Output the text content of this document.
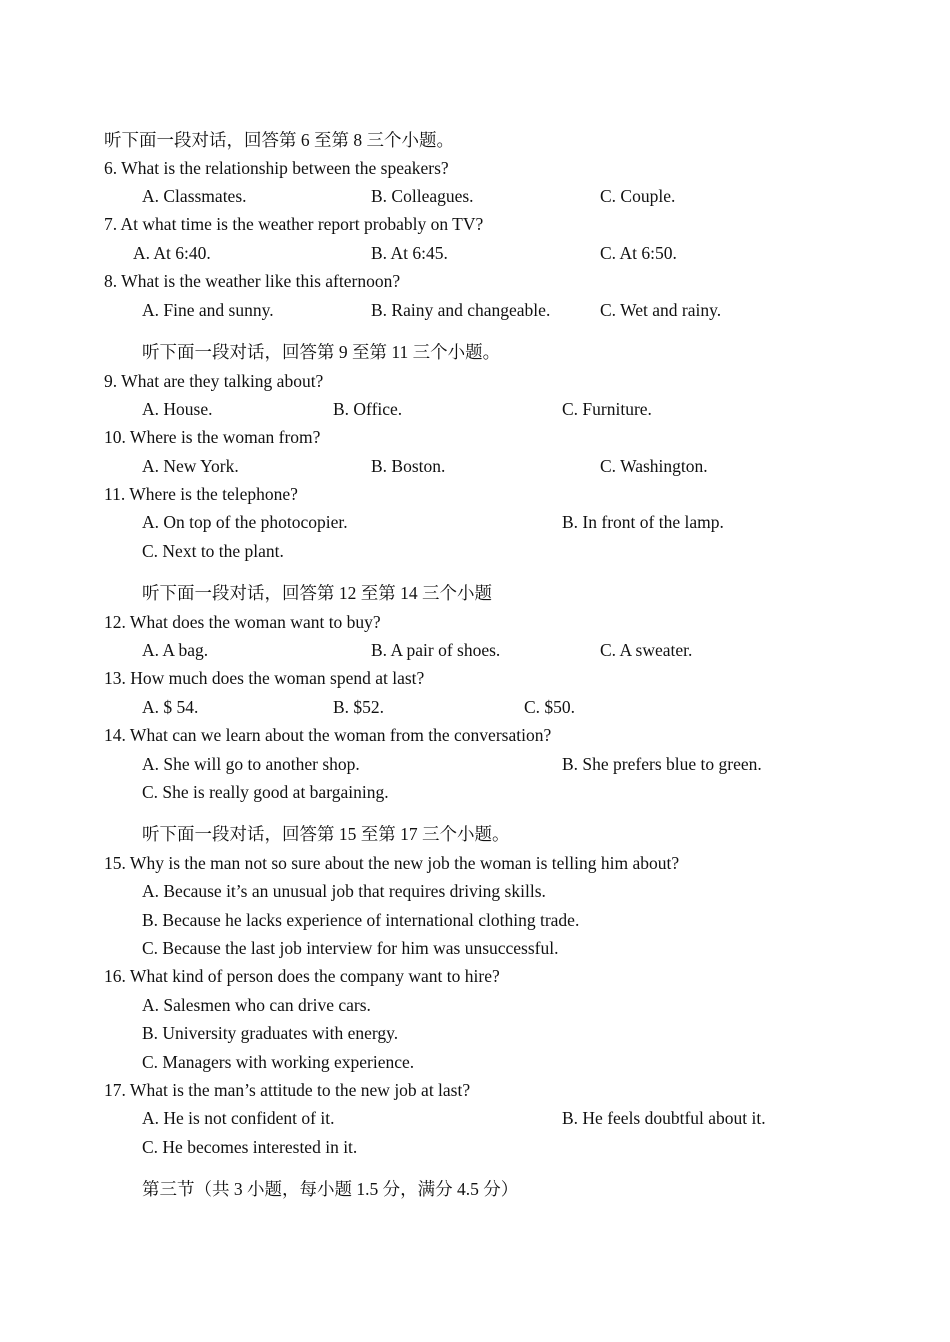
听下面一段对话，回答第 6 至第 8 三个小题。
6. What is the relationship between the speakers?
A. Classmates.	B. Colleagues.	C. Couple.
7. At what time is the weather report probably on TV?
A. At 6:40.	B. At 6:45.	C. At 6:50.
8. What is the weather like this afternoon?
A. Fine and sunny.	B. Rainy and changeable.	C. Wet and rainy.
听下面一段对话，回答第 9 至第 11 三个小题。
9. What are they talking about?
A. House.	B. Office.	C. Furniture.
10. Where is the woman from?
A. New York.	B. Boston.	C. Washington.
11. Where is the telephone?
A. On top of the photocopier.	B. In front of the lamp.
C. Next to the plant.
听下面一段对话，回答第 12 至第 14 三个小题
12. What does the woman want to buy?
A. A bag.	B. A pair of shoes.	C. A sweater.
13. How much does the woman spend at last?
A. $ 54.	B. $52.	C. $50.
14. What can we learn about the woman from the conversation?
A. She will go to another shop.	B. She prefers blue to green.
C. She is really good at bargaining.
听下面一段对话，回答第 15 至第 17 三个小题。
15. Why is the man not so sure about the new job the woman is telling him about?
A. Because it’s an unusual job that requires driving skills.
B. Because he lacks experience of international clothing trade.
C. Because the last job interview for him was unsuccessful.
16. What kind of person does the company want to hire?
A. Salesmen who can drive cars.
B. University graduates with energy.
C. Managers with working experience.
17. What is the man’s attitude to the new job at last?
A. He is not confident of it.	B. He feels doubtful about it.
C. He becomes interested in it.
第三节（共 3 小题，每小题 1.5 分，满分 4.5 分）
